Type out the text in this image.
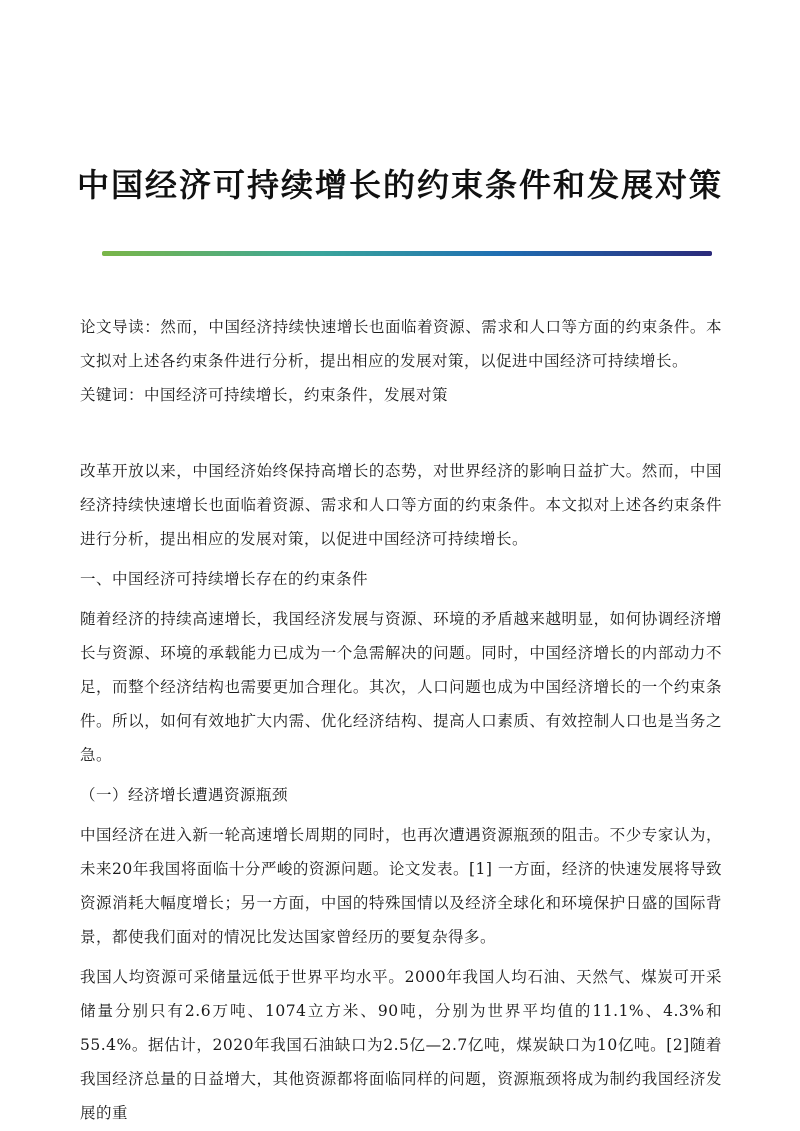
中国经济可持续增长的约束条件和发展对策

论文导读：然而，中国经济持续快速增长也面临着资源、需求和人口等方面的约束条件。本文拟对上述各约束条件进行分析，提出相应的发展对策，以促进中国经济可持续增长。

关键词：中国经济可持续增长，约束条件，发展对策

改革开放以来，中国经济始终保持高增长的态势，对世界经济的影响日益扩大。然而，中国经济持续快速增长也面临着资源、需求和人口等方面的约束条件。本文拟对上述各约束条件进行分析，提出相应的发展对策，以促进中国经济可持续增长。

一、中国经济可持续增长存在的约束条件

随着经济的持续高速增长，我国经济发展与资源、环境的矛盾越来越明显，如何协调经济增长与资源、环境的承载能力已成为一个急需解决的问题。同时，中国经济增长的内部动力不足，而整个经济结构也需要更加合理化。其次，人口问题也成为中国经济增长的一个约束条件。所以，如何有效地扩大内需、优化经济结构、提高人口素质、有效控制人口也是当务之急。

（一）经济增长遭遇资源瓶颈

中国经济在进入新一轮高速增长周期的同时，也再次遭遇资源瓶颈的阻击。不少专家认为，未来20年我国将面临十分严峻的资源问题。论文发表。[1] 一方面，经济的快速发展将导致资源消耗大幅度增长；另一方面，中国的特殊国情以及经济全球化和环境保护日盛的国际背景，都使我们面对的情况比发达国家曾经历的要复杂得多。

我国人均资源可采储量远低于世界平均水平。2000年我国人均石油、天然气、煤炭可开采储量分别只有2.6万吨、1074立方米、90吨，分别为世界平均值的11.1%、4.3%和55.4%。据估计，2020年我国石油缺口为2.5亿—2.7亿吨，煤炭缺口为10亿吨。[2]随着我国经济总量的日益增大，其他资源都将面临同样的问题，资源瓶颈将成为制约我国经济发展的重
